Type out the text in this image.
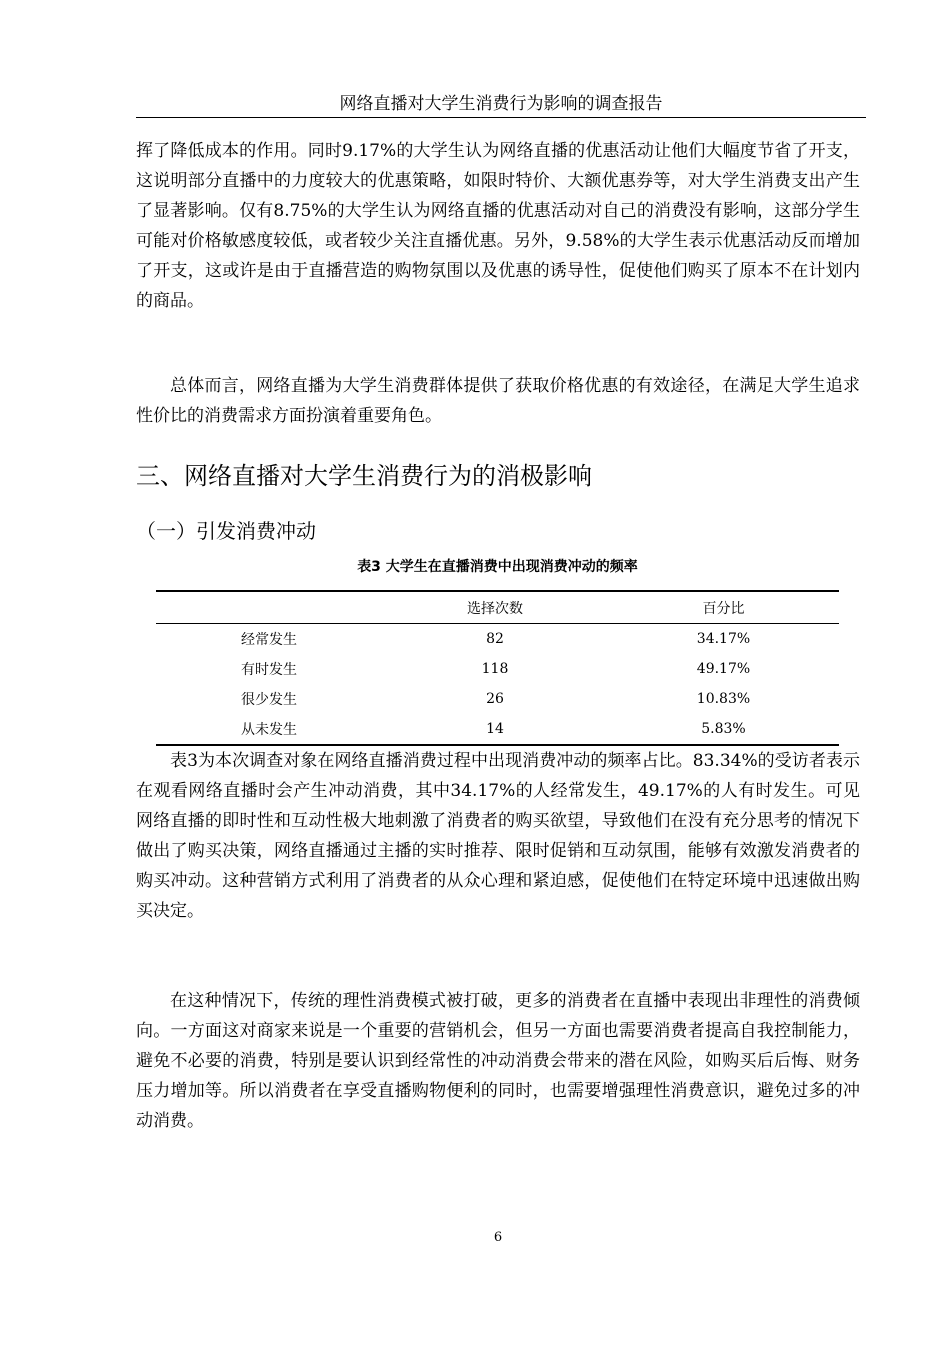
网络直播对大学生消费行为影响的调查报告
挥了降低成本的作用。同时9.17%的大学生认为网络直播的优惠活动让他们大幅度节省了开支，这说明部分直播中的力度较大的优惠策略，如限时特价、大额优惠券等，对大学生消费支出产生了显著影响。仅有8.75%的大学生认为网络直播的优惠活动对自己的消费没有影响，这部分学生可能对价格敏感度较低，或者较少关注直播优惠。另外，9.58%的大学生表示优惠活动反而增加了开支，这或许是由于直播营造的购物氛围以及优惠的诱导性，促使他们购买了原本不在计划内的商品。
总体而言，网络直播为大学生消费群体提供了获取价格优惠的有效途径，在满足大学生追求性价比的消费需求方面扮演着重要角色。
三、网络直播对大学生消费行为的消极影响
（一）引发消费冲动
表3 大学生在直播消费中出现消费冲动的频率
	选择次数	百分比
经常发生	82	34.17%
有时发生	118	49.17%
很少发生	26	10.83%
从未发生	14	5.83%
表3为本次调查对象在网络直播消费过程中出现消费冲动的频率占比。83.34%的受访者表示在观看网络直播时会产生冲动消费，其中34.17%的人经常发生，49.17%的人有时发生。可见网络直播的即时性和互动性极大地刺激了消费者的购买欲望，导致他们在没有充分思考的情况下做出了购买决策，网络直播通过主播的实时推荐、限时促销和互动氛围，能够有效激发消费者的购买冲动。这种营销方式利用了消费者的从众心理和紧迫感，促使他们在特定环境中迅速做出购买决定。
在这种情况下，传统的理性消费模式被打破，更多的消费者在直播中表现出非理性的消费倾向。一方面这对商家来说是一个重要的营销机会，但另一方面也需要消费者提高自我控制能力，避免不必要的消费，特别是要认识到经常性的冲动消费会带来的潜在风险，如购买后后悔、财务压力增加等。所以消费者在享受直播购物便利的同时，也需要增强理性消费意识，避免过多的冲动消费。
6
